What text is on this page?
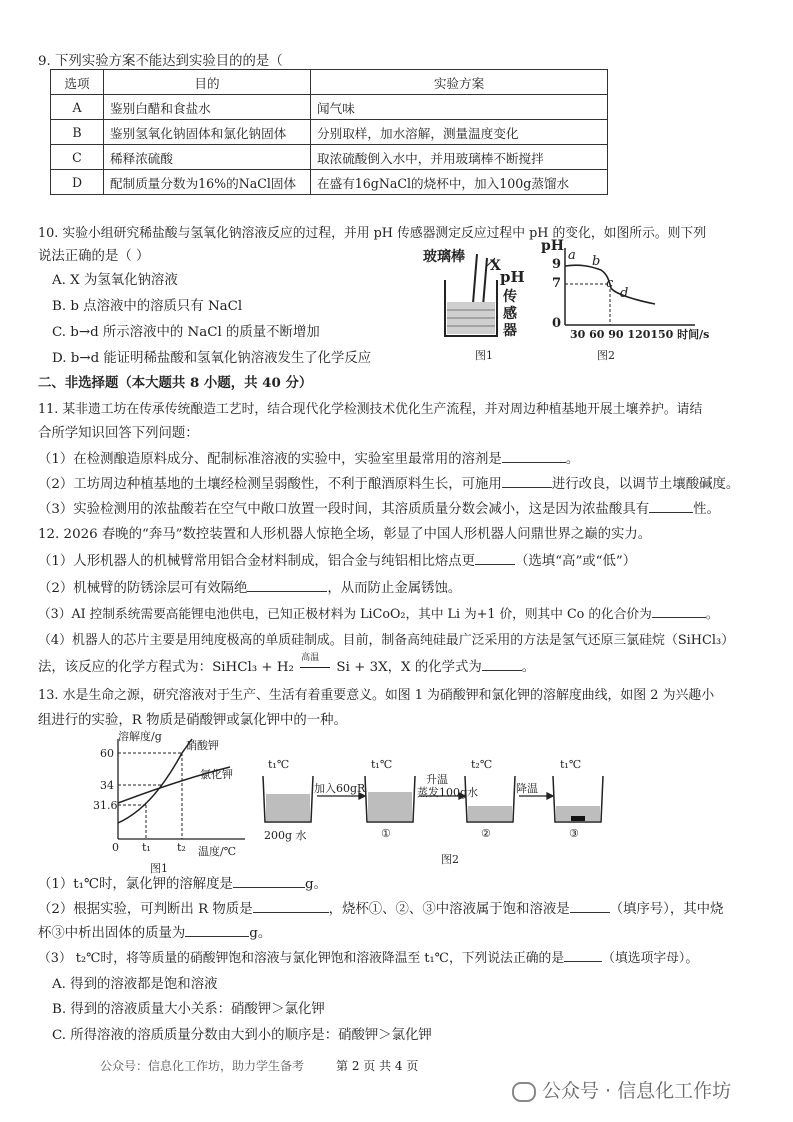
9. 下列实验方案不能达到实验目的的是（
选项	目的	实验方案
A	鉴别白醋和食盐水	闻气味
B	鉴别氢氧化钠固体和氯化钠固体	分别取样，加水溶解，测量温度变化
C	稀释浓硫酸	取浓硫酸倒入水中，并用玻璃棒不断搅拌
D	配制质量分数为16%的NaCl固体	在盛有16gNaCl的烧杯中，加入100g蒸馏水
10. 实验小组研究稀盐酸与氢氧化钠溶液反应的过程，并用 pH 传感器测定反应过程中 pH 的变化，如图所示。则下列
说法正确的是（ ）
A. X 为氢氧化钠溶液
B. b 点溶液中的溶质只有 NaCl
C. b→d 所示溶液中的 NaCl 的质量不断增加
D. b→d 能证明稀盐酸和氢氧化钠溶液发生了化学反应
玻璃棒
X
pH
传
感
器
图1
pH
9
7
0
a b
c
d
30 60 90 120150 时间/s
图2
二、非选择题（本大题共 8 小题，共 40 分）
11. 某非遗工坊在传承传统酿造工艺时，结合现代化学检测技术优化生产流程，并对周边种植基地开展土壤养护。请结
合所学知识回答下列问题：
（1）在检测酿造原料成分、配制标准溶液的实验中，实验室里最常用的溶剂是	。
（2）工坊周边种植基地的土壤经检测呈弱酸性，不利于酿酒原料生长，可施用	进行改良，以调节土壤酸碱度。
（3）实验检测用的浓盐酸若在空气中敞口放置一段时间，其溶质质量分数会减小，这是因为浓盐酸具有	性。
12. 2026 春晚的“奔马”数控装置和人形机器人惊艳全场，彰显了中国人形机器人问鼎世界之巅的实力。
（1）人形机器人的机械臂常用铝合金材料制成，铝合金与纯铝相比熔点更	（选填“高”或“低”）
（2）机械臂的防锈涂层可有效隔绝	，从而防止金属锈蚀。
（3）AI 控制系统需要高能锂电池供电，已知正极材料为 LiCoO₂，其中 Li 为+1 价，则其中 Co 的化合价为	。
（4）机器人的芯片主要是用纯度极高的单质硅制成。目前，制备高纯硅最广泛采用的方法是氢气还原三氯硅烷（SiHCl₃）
法，该反应的化学方程式为：SiHCl₃ + H₂
高温
Si + 3X，X 的化学式为	。
13. 水是生命之源，研究溶液对于生产、生活有着重要意义。如图 1 为硝酸钾和氯化钾的溶解度曲线，如图 2 为兴趣小
组进行的实验，R 物质是硝酸钾或氯化钾中的一种。
溶解度/g
60
34
31.6
0 t₁ t₂ 温度/℃
硝酸钾
氯化钾
图1
t₁℃	t₁℃	t₂℃	t₁℃
加入60gR
升温
蒸发100g水	降温
200g 水	①	②	③
图2
（1）t₁℃时，氯化钾的溶解度是	g。
（2）根据实验，可判断出 R 物质是	，烧杯①、②、③中溶液属于饱和溶液是	（填序号），其中烧
杯③中析出固体的质量为	g。
（3） t₂℃时，将等质量的硝酸钾饱和溶液与氯化钾饱和溶液降温至 t₁℃，下列说法正确的是	（填选项字母）。
A. 得到的溶液都是饱和溶液
B. 得到的溶液质量大小关系：硝酸钾＞氯化钾
C. 所得溶液的溶质质量分数由大到小的顺序是：硝酸钾＞氯化钾
公众号：信息化工作坊，助力学生备考	第 2 页 共 4 页
公众号 · 信息化工作坊
